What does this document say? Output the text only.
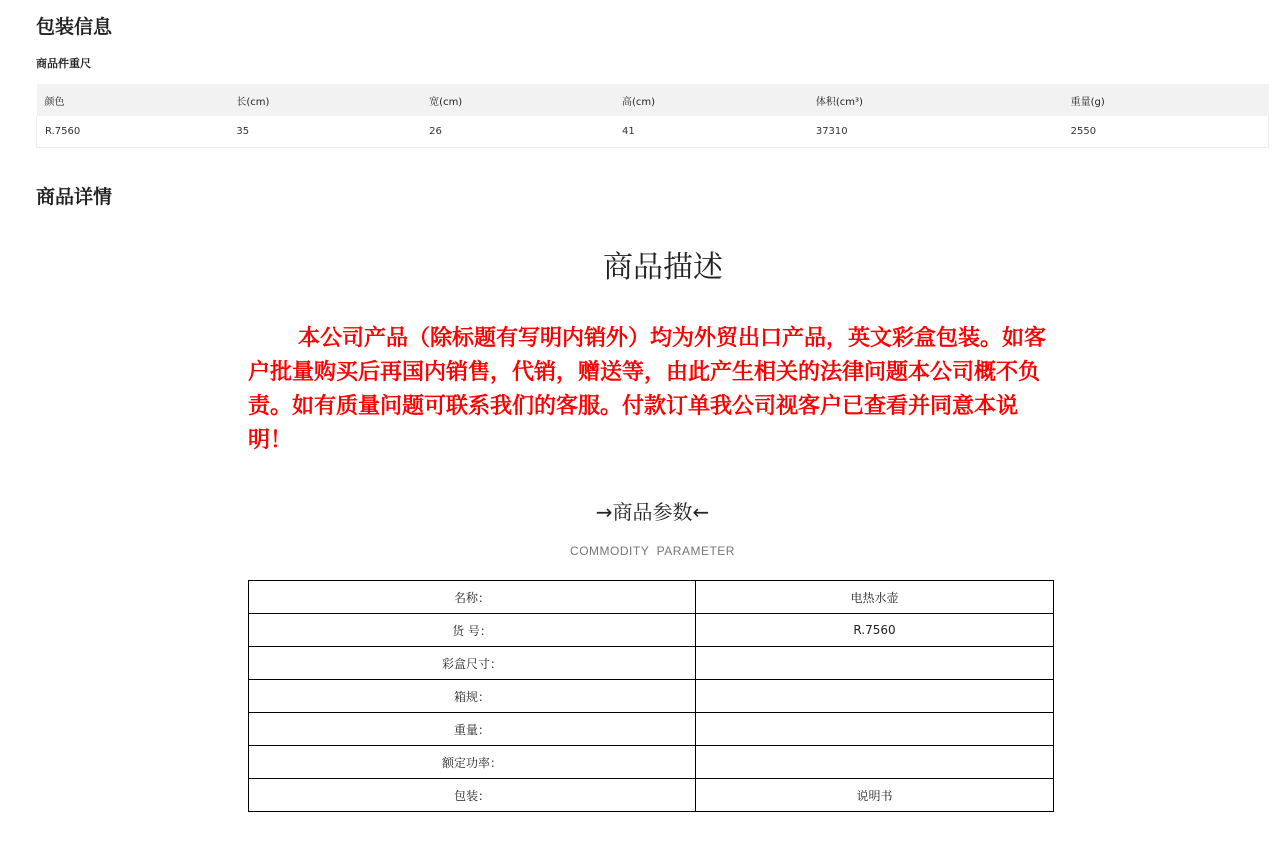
包装信息
商品件重尺
颜色	长(cm)	宽(cm)	高(cm)	体积(cm³)	重量(g)
R.7560	35	26	41	37310	2550
商品详情
商品描述
本公司产品（除标题有写明内销外）均为外贸出口产品，英文彩盒包装。如客户批量购买后再国内销售，代销，赠送等，由此产生相关的法律问题本公司概不负责。如有质量问题可联系我们的客服。付款订单我公司视客户已查看并同意本说明！
→商品参数←
COMMODITY  PARAMETER
名称：	电热水壶
货 号：	R.7560
彩盒尺寸：	
箱规：	
重量：	
额定功率：	
包装：	说明书
